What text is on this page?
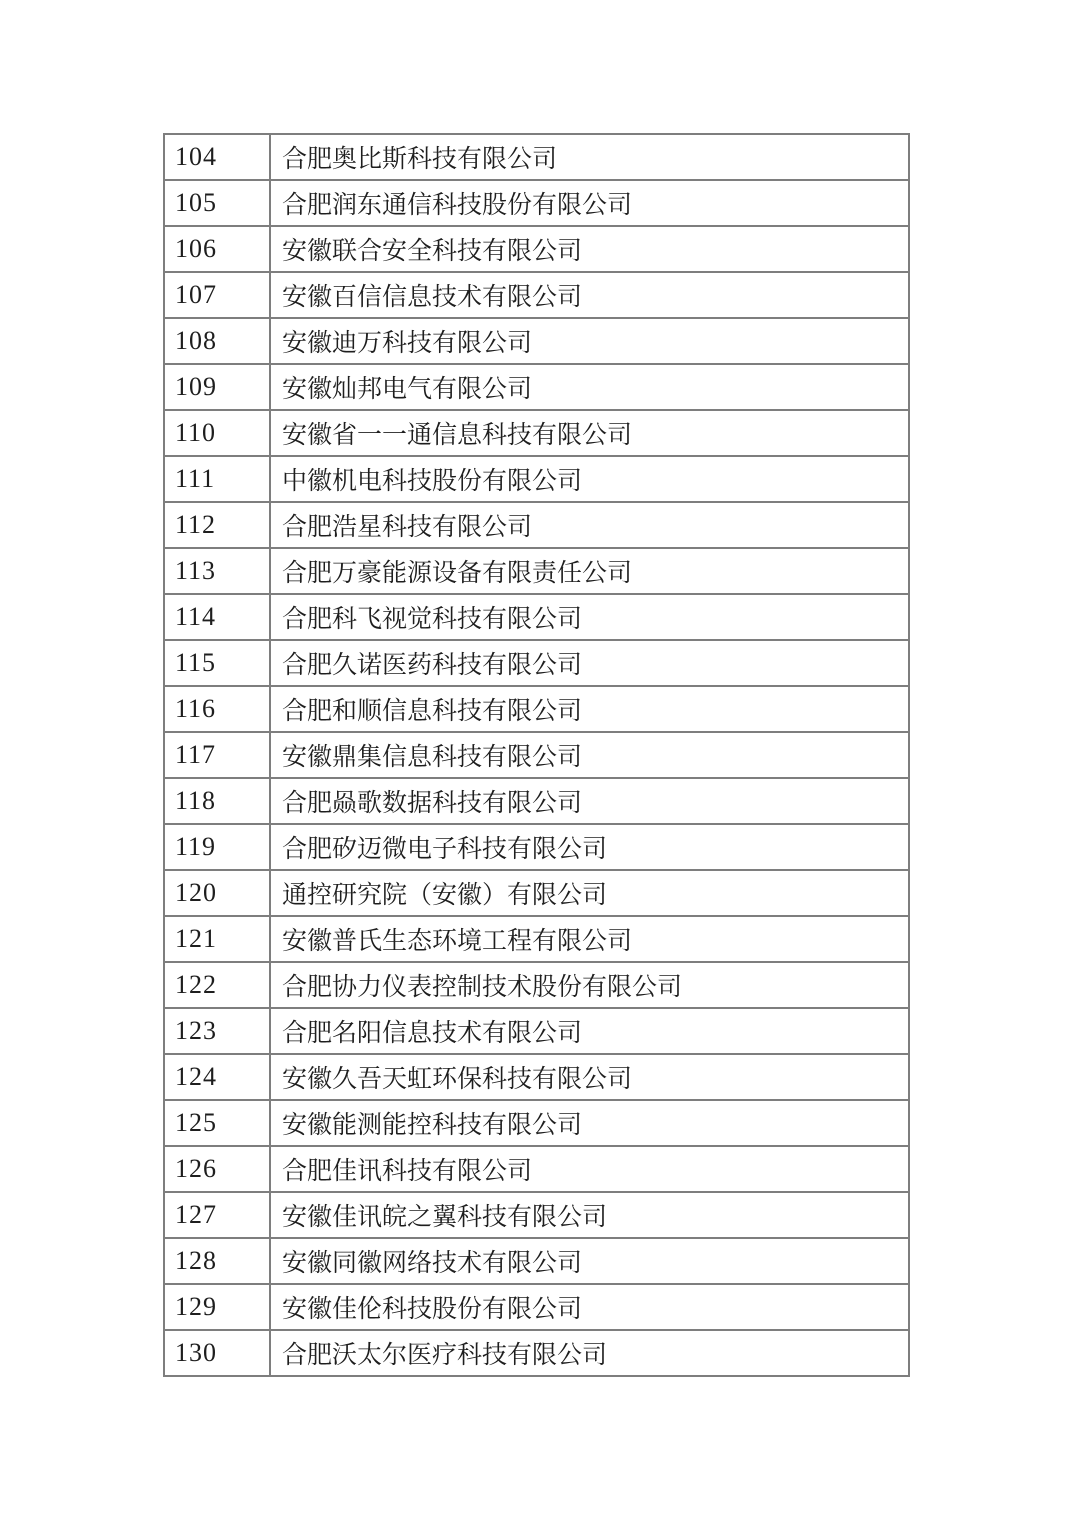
104	合肥奥比斯科技有限公司
105	合肥润东通信科技股份有限公司
106	安徽联合安全科技有限公司
107	安徽百信信息技术有限公司
108	安徽迪万科技有限公司
109	安徽灿邦电气有限公司
110	安徽省一一通信息科技有限公司
111	中徽机电科技股份有限公司
112	合肥浩星科技有限公司
113	合肥万豪能源设备有限责任公司
114	合肥科飞视觉科技有限公司
115	合肥久诺医药科技有限公司
116	合肥和顺信息科技有限公司
117	安徽鼎集信息科技有限公司
118	合肥赑歌数据科技有限公司
119	合肥矽迈微电子科技有限公司
120	通控研究院（安徽）有限公司
121	安徽普氏生态环境工程有限公司
122	合肥协力仪表控制技术股份有限公司
123	合肥名阳信息技术有限公司
124	安徽久吾天虹环保科技有限公司
125	安徽能测能控科技有限公司
126	合肥佳讯科技有限公司
127	安徽佳讯皖之翼科技有限公司
128	安徽同徽网络技术有限公司
129	安徽佳伦科技股份有限公司
130	合肥沃太尔医疗科技有限公司
